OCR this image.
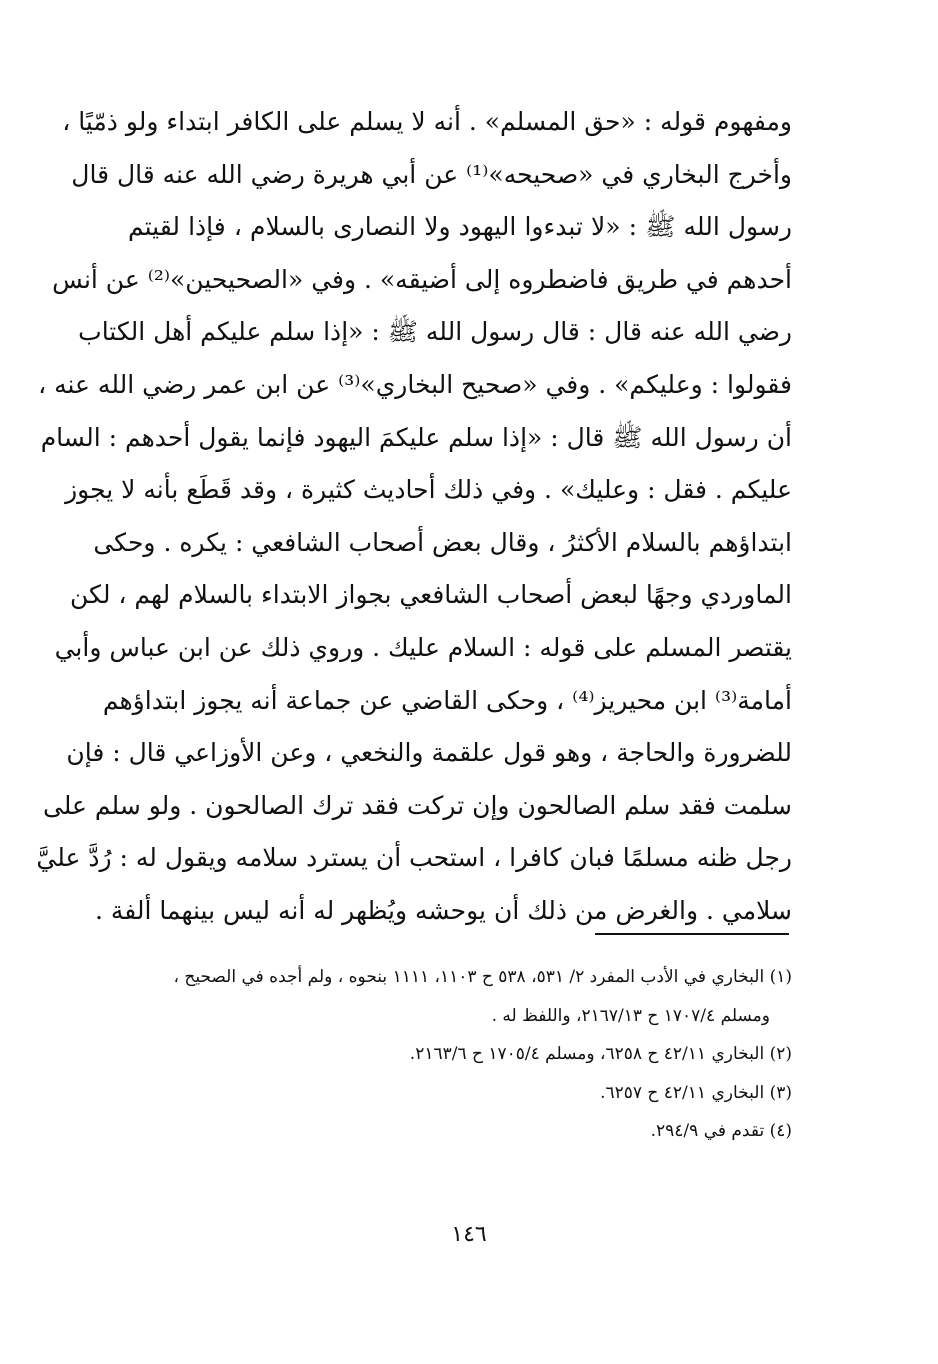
ومفهوم قوله : «حق المسلم» . أنه لا يسلم على الكافر ابتداء ولو ذمّيًا ،
وأخرج البخاري في «صحيحه»⁽¹⁾ عن أبي هريرة رضي الله عنه قال قال
رسول الله ﷺ : «لا تبدءوا اليهود ولا النصارى بالسلام ، فإذا لقيتم
أحدهم في طريق فاضطروه إلى أضيقه» . وفي «الصحيحين»⁽²⁾ عن أنس
رضي الله عنه قال : قال رسول الله ﷺ : «إذا سلم عليكم أهل الكتاب
فقولوا : وعليكم» . وفي «صحيح البخاري»⁽³⁾ عن ابن عمر رضي الله عنه ،
أن رسول الله ﷺ قال : «إذا سلم عليكمَ اليهود فإنما يقول أحدهم : السام
عليكم . فقل : وعليك» . وفي ذلك أحاديث كثيرة ، وقد قَطَع بأنه لا يجوز
ابتداؤهم بالسلام الأكثرُ ، وقال بعض أصحاب الشافعي : يكره . وحكى
الماوردي وجهًا لبعض أصحاب الشافعي بجواز الابتداء بالسلام لهم ، لكن
يقتصر المسلم على قوله : السلام عليك . وروي ذلك عن ابن عباس وأبي
أمامة⁽³⁾ ابن محيريز⁽⁴⁾ ، وحكى القاضي عن جماعة أنه يجوز ابتداؤهم
للضرورة والحاجة ، وهو قول علقمة والنخعي ، وعن الأوزاعي قال : فإن
سلمت فقد سلم الصالحون وإن تركت فقد ترك الصالحون . ولو سلم على
رجل ظنه مسلمًا فبان كافرا ، استحب أن يسترد سلامه ويقول له : رُدَّ عليَّ
سلامي . والغرض من ذلك أن يوحشه ويُظهر له أنه ليس بينهما ألفة .
(١) البخاري في الأدب المفرد ٢/ ٥٣١، ٥٣٨ ح ١١٠٣، ١١١١ بنحوه ، ولم أجده في الصحيح ،
ومسلم ١٧٠٧/٤ ح ٢١٦٧/١٣، واللفظ له .
(٢) البخاري ٤٢/١١ ح ٦٢٥٨، ومسلم ١٧٠٥/٤ ح ٢١٦٣/٦.
(٣) البخاري ٤٢/١١ ح ٦٢٥٧.
(٤) تقدم في ٢٩٤/٩.
١٤٦
